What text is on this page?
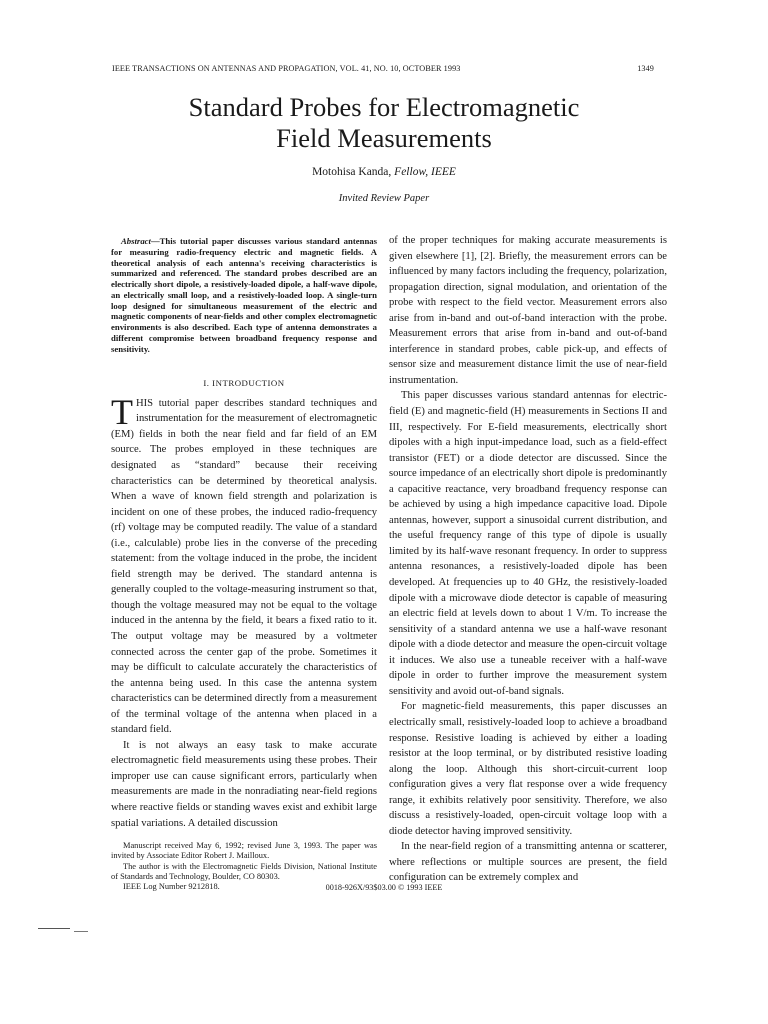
IEEE TRANSACTIONS ON ANTENNAS AND PROPAGATION, VOL. 41, NO. 10, OCTOBER 1993	1349
Standard Probes for Electromagnetic
Field Measurements
Motohisa Kanda, Fellow, IEEE
Invited Review Paper

Abstract—This tutorial paper discusses various standard antennas for measuring radio-frequency electric and magnetic fields. A theoretical analysis of each antenna's receiving characteristics is summarized and referenced. The standard probes described are an electrically short dipole, a resistively-loaded dipole, a half-wave dipole, an electrically small loop, and a resistively-loaded loop. A single-turn loop designed for simultaneous measurement of the electric and magnetic components of near-fields and other complex electromagnetic environments is also described. Each type of antenna demonstrates a different compromise between broadband frequency response and sensitivity.

I. INTRODUCTION

THIS tutorial paper describes standard techniques and instrumentation for the measurement of electromagnetic (EM) fields in both the near field and far field of an EM source. The probes employed in these techniques are designated as “standard” because their receiving characteristics can be determined by theoretical analysis. When a wave of known field strength and polarization is incident on one of these probes, the induced radio-frequency (rf) voltage may be computed readily. The value of a standard (i.e., calculable) probe lies in the converse of the preceding statement: from the voltage induced in the probe, the incident field strength may be derived. The standard antenna is generally coupled to the voltage-measuring instrument so that, though the voltage measured may not be equal to the voltage induced in the antenna by the field, it bears a fixed ratio to it. The output voltage may be measured by a voltmeter connected across the center gap of the probe. Sometimes it may be difficult to calculate accurately the characteristics of the antenna being used. In this case the antenna system characteristics can be determined directly from a measurement of the terminal voltage of the antenna when placed in a standard field.

It is not always an easy task to make accurate electromagnetic field measurements using these probes. Their improper use can cause significant errors, particularly when measurements are made in the nonradiating near-field regions where reactive fields or standing waves exist and exhibit large spatial variations. A detailed discussion

Manuscript received May 6, 1992; revised June 3, 1993. The paper was invited by Associate Editor Robert J. Mailloux.

The author is with the Electromagnetic Fields Division, National Institute of Standards and Technology, Boulder, CO 80303.

IEEE Log Number 9212818.

of the proper techniques for making accurate measurements is given elsewhere [1], [2]. Briefly, the measurement errors can be influenced by many factors including the frequency, polarization, propagation direction, signal modulation, and orientation of the probe with respect to the field vector. Measurement errors also arise from in-band and out-of-band interaction with the probe. Measurement errors that arise from in-band and out-of-band interference in standard probes, cable pick-up, and effects of sensor size and measurement distance limit the use of near-field instrumentation.

This paper discusses various standard antennas for electric-field (E) and magnetic-field (H) measurements in Sections II and III, respectively. For E-field measurements, electrically short dipoles with a high input-impedance load, such as a field-effect transistor (FET) or a diode detector are discussed. Since the source impedance of an electrically short dipole is predominantly a capacitive reactance, very broadband frequency response can be achieved by using a high impedance capacitive load. Dipole antennas, however, support a sinusoidal current distribution, and the useful frequency range of this type of dipole is usually limited by its half-wave resonant frequency. In order to suppress antenna resonances, a resistively-loaded dipole has been developed. At frequencies up to 40 GHz, the resistively-loaded dipole with a microwave diode detector is capable of measuring an electric field at levels down to about 1 V/m. To increase the sensitivity of a standard antenna we use a half-wave resonant dipole with a diode detector and measure the open-circuit voltage it induces. We also use a tuneable receiver with a half-wave dipole in order to further improve the measurement system sensitivity and avoid out-of-band signals.

For magnetic-field measurements, this paper discusses an electrically small, resistively-loaded loop to achieve a broadband response. Resistive loading is achieved by either a loading resistor at the loop terminal, or by distributed resistive loading along the loop. Although this short-circuit-current loop configuration gives a very flat response over a wide frequency range, it exhibits relatively poor sensitivity. Therefore, we also discuss a resistively-loaded, open-circuit voltage loop with a diode detector having improved sensitivity.

In the near-field region of a transmitting antenna or scatterer, where reflections or multiple sources are present, the field configuration can be extremely complex and

0018-926X/93$03.00 © 1993 IEEE
